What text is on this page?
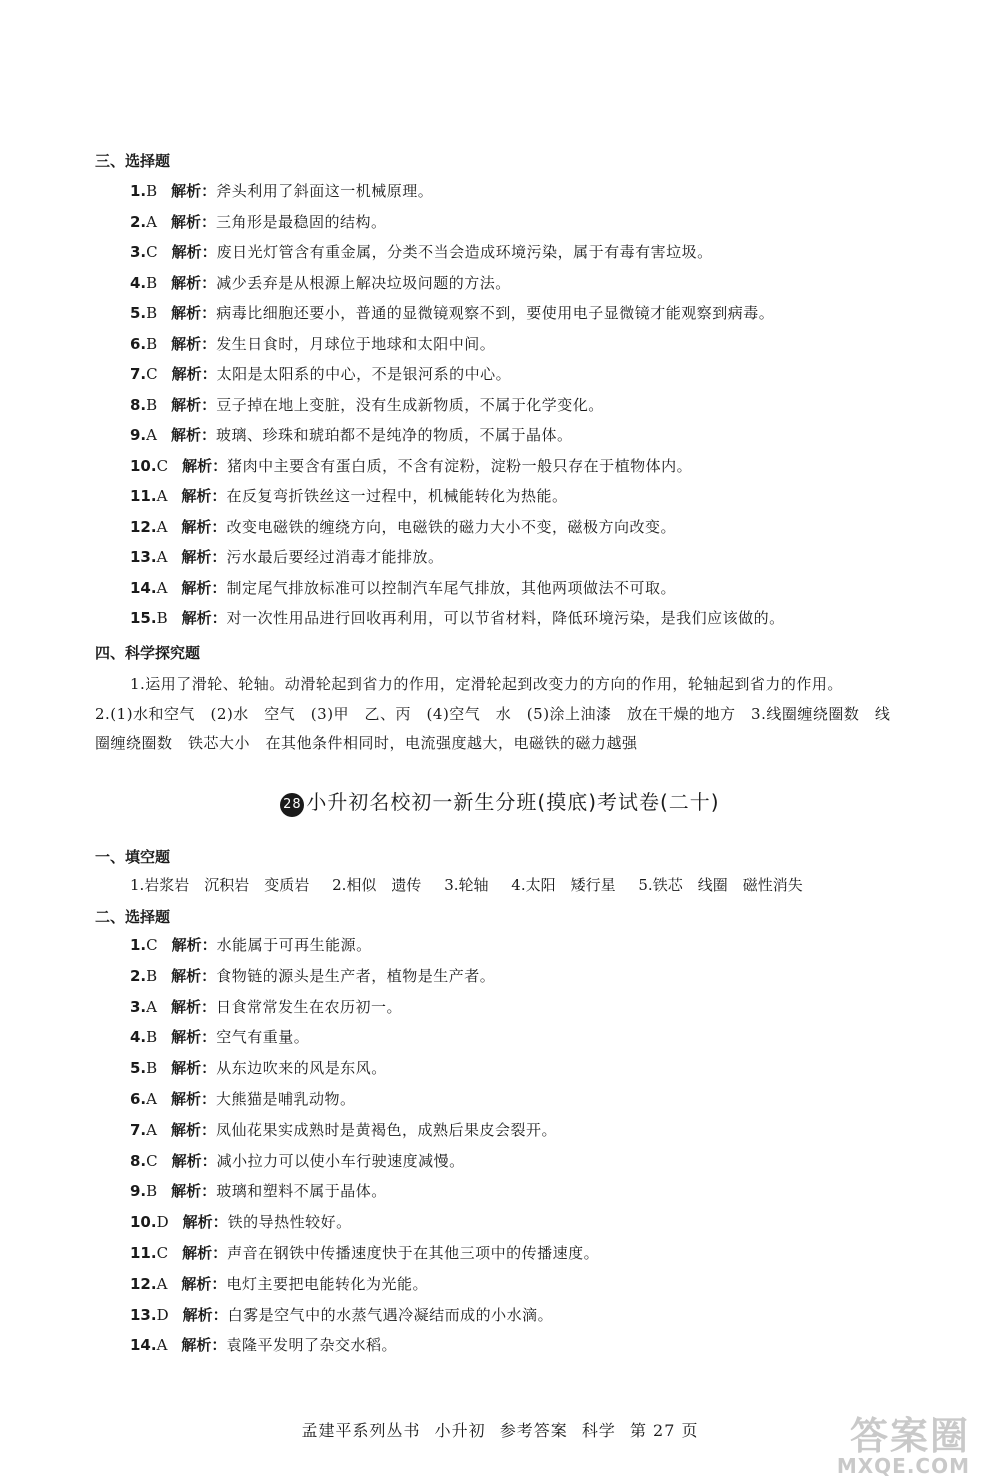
三、选择题
1.B 解析：斧头利用了斜面这一机械原理。
2.A 解析：三角形是最稳固的结构。
3.C 解析：废日光灯管含有重金属，分类不当会造成环境污染，属于有毒有害垃圾。
4.B 解析：减少丢弃是从根源上解决垃圾问题的方法。
5.B 解析：病毒比细胞还要小，普通的显微镜观察不到，要使用电子显微镜才能观察到病毒。
6.B 解析：发生日食时，月球位于地球和太阳中间。
7.C 解析：太阳是太阳系的中心，不是银河系的中心。
8.B 解析：豆子掉在地上变脏，没有生成新物质，不属于化学变化。
9.A 解析：玻璃、珍珠和琥珀都不是纯净的物质，不属于晶体。
10.C 解析：猪肉中主要含有蛋白质，不含有淀粉，淀粉一般只存在于植物体内。
11.A 解析：在反复弯折铁丝这一过程中，机械能转化为热能。
12.A 解析：改变电磁铁的缠绕方向，电磁铁的磁力大小不变，磁极方向改变。
13.A 解析：污水最后要经过消毒才能排放。
14.A 解析：制定尾气排放标准可以控制汽车尾气排放，其他两项做法不可取。
15.B 解析：对一次性用品进行回收再利用，可以节省材料，降低环境污染，是我们应该做的。
四、科学探究题
1.运用了滑轮、轮轴。动滑轮起到省力的作用，定滑轮起到改变力的方向的作用，轮轴起到省力的作用。
2.(1)水和空气　(2)水　空气　(3)甲　乙、丙　(4)空气　水　(5)涂上油漆　放在干燥的地方　3.线圈缠绕圈数　线圈缠绕圈数　铁芯大小　在其他条件相同时，电流强度越大，电磁铁的磁力越强
28 小升初名校初一新生分班(摸底)考试卷(二十)
一、填空题
1.岩浆岩　沉积岩　变质岩 2.相似　遗传 3.轮轴 4.太阳　矮行星 5.铁芯　线圈　磁性消失
二、选择题
1.C 解析：水能属于可再生能源。
2.B 解析：食物链的源头是生产者，植物是生产者。
3.A 解析：日食常常发生在农历初一。
4.B 解析：空气有重量。
5.B 解析：从东边吹来的风是东风。
6.A 解析：大熊猫是哺乳动物。
7.A 解析：凤仙花果实成熟时是黄褐色，成熟后果皮会裂开。
8.C 解析：减小拉力可以使小车行驶速度减慢。
9.B 解析：玻璃和塑料不属于晶体。
10.D 解析：铁的导热性较好。
11.C 解析：声音在钢铁中传播速度快于在其他三项中的传播速度。
12.A 解析：电灯主要把电能转化为光能。
13.D 解析：白雾是空气中的水蒸气遇冷凝结而成的小水滴。
14.A 解析：袁隆平发明了杂交水稻。
孟建平系列丛书 小升初 参考答案 科学 第 27 页	答案圈
MXQE.COM
